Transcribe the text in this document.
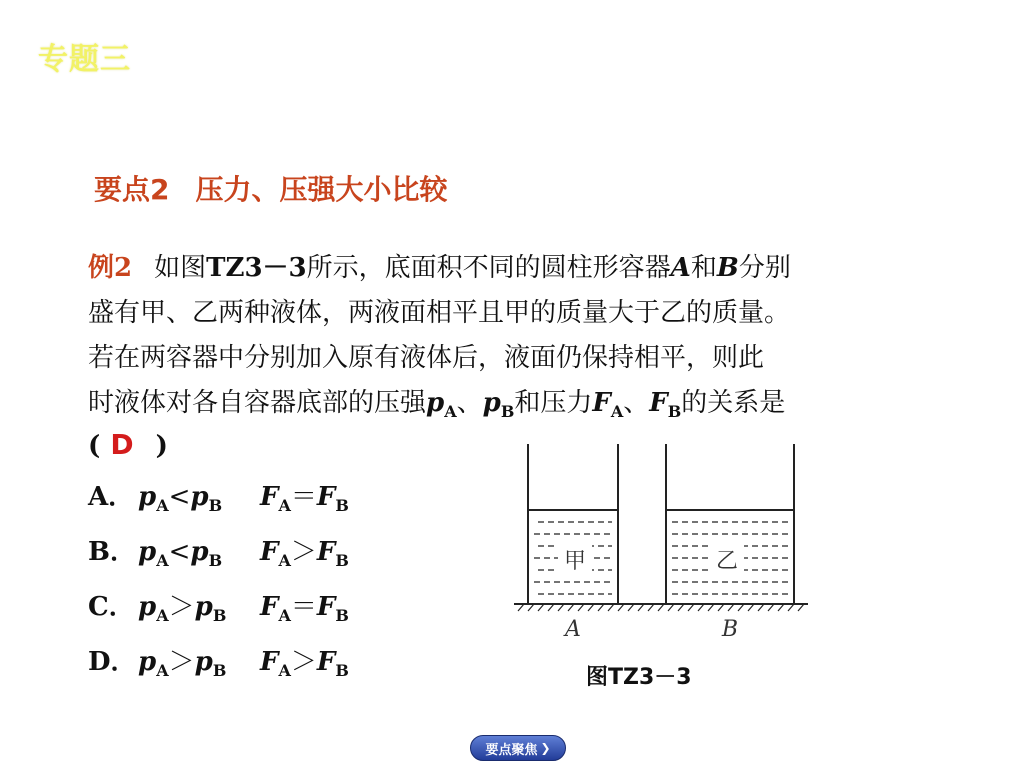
专题三
要点2 压力、压强大小比较
例2 如图TZ3－3所示，底面积不同的圆柱形容器A和B分别
盛有甲、乙两种液体，两液面相平且甲的质量大于乙的质量。
若在两容器中分别加入原有液体后，液面仍保持相平，则此
时液体对各自容器底部的压强$p_A$、$p_B$和压力$F_A$、$F_B$的关系是
( D )
A． $p_A<p_B$ $F_A=F_B$
B．$p_A<p_B$ $F_A>F_B$
C． $p_A>p_B$ $F_A=F_B$
D．$p_A>p_B$ $F_A>F_B$
甲	乙
A	B
图TZ3－3
要点聚焦 ❯
